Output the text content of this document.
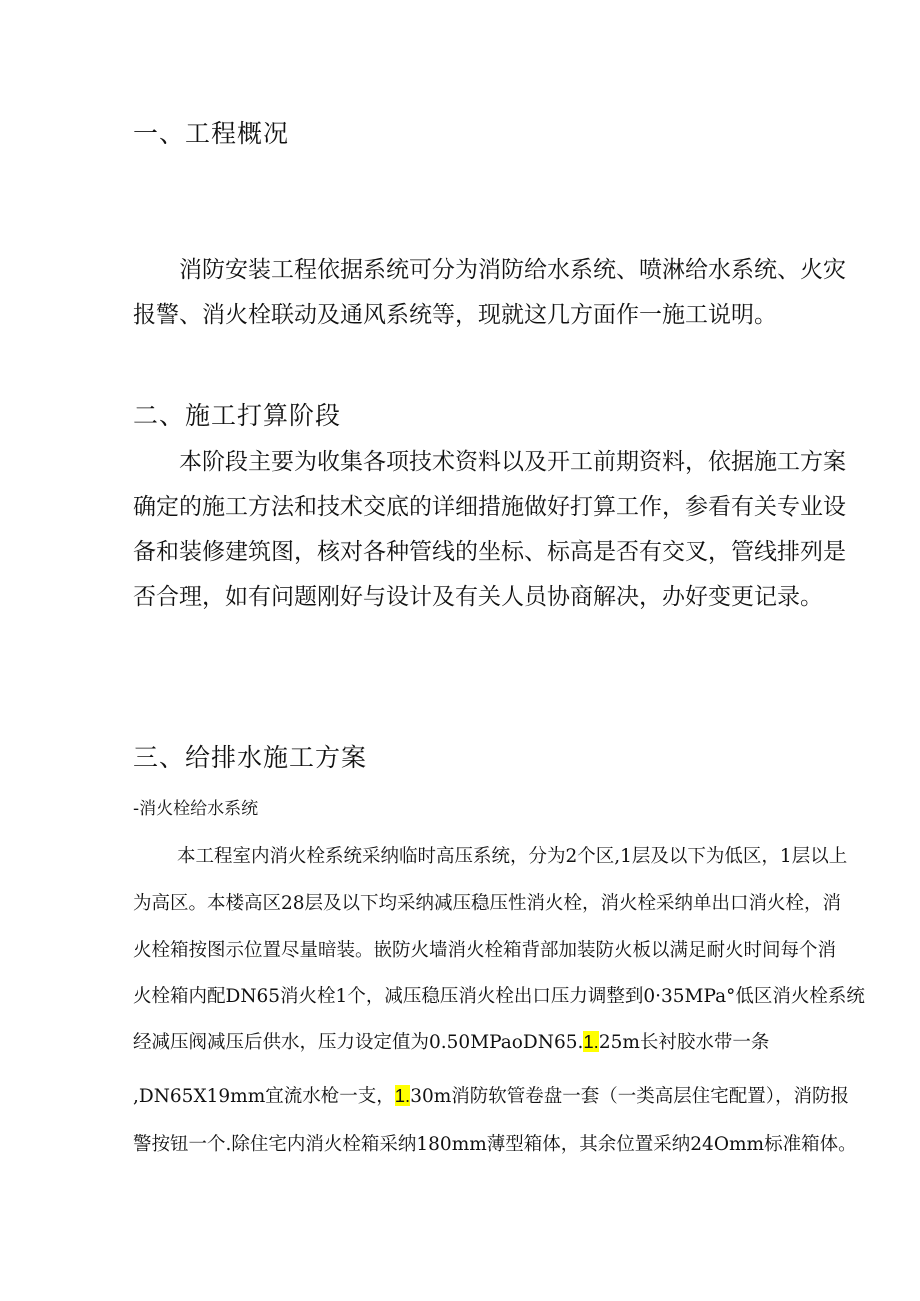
一、工程概况
消防安装工程依据系统可分为消防给水系统、喷淋给水系统、火灾
报警、消火栓联动及通风系统等，现就这几方面作一施工说明。
二、施工打算阶段
本阶段主要为收集各项技术资料以及开工前期资料，依据施工方案
确定的施工方法和技术交底的详细措施做好打算工作，参看有关专业设
备和装修建筑图，核对各种管线的坐标、标高是否有交叉，管线排列是
否合理，如有问题刚好与设计及有关人员协商解决，办好变更记录。
三、给排水施工方案
-消火栓给水系统
本工程室内消火栓系统采纳临时高压系统，分为2个区,1层及以下为低区，1层以上
为高区。本楼高区28层及以下均采纳减压稳压性消火栓，消火栓采纳单出口消火栓，消
火栓箱按图示位置尽量暗装。嵌防火墙消火栓箱背部加装防火板以满足耐火时间每个消
火栓箱内配DN65消火栓1个，减压稳压消火栓出口压力调整到0·35MPa°低区消火栓系统
经减压阀减压后供水，压力设定值为0.50MPaoDN65.1.25m长衬胶水带一条
,DN65X19mm宜流水枪一支，1.30m消防软管卷盘一套（一类高层住宅配置），消防报
警按钮一个.除住宅内消火栓箱采纳180mm薄型箱体，其余位置采纳24Omm标准箱体。
